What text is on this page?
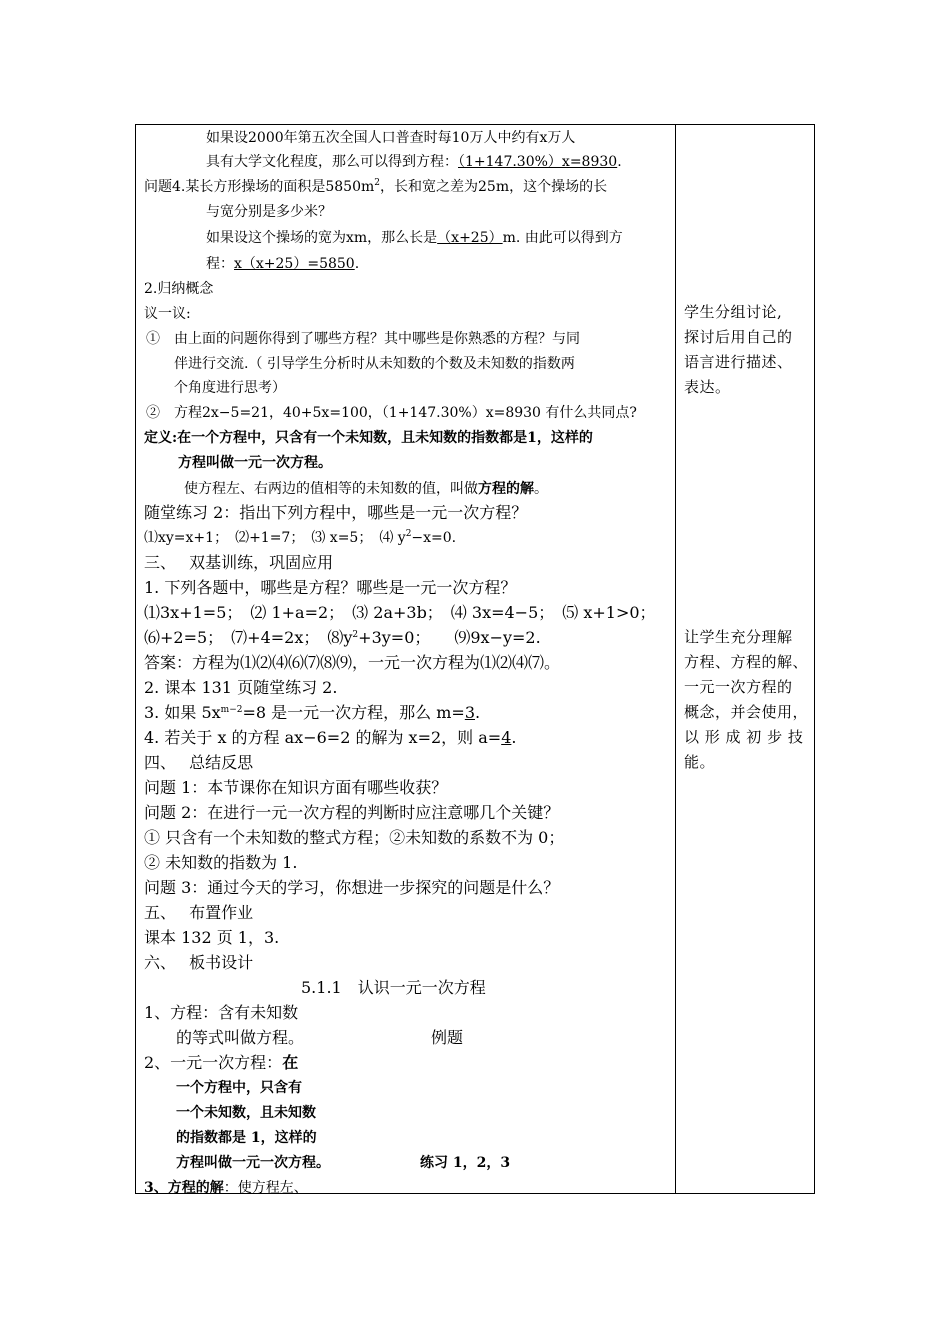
如果设2000年第五次全国人口普查时每10万人中约有x万人
具有大学文化程度，那么可以得到方程：（1+147.30%）x=8930.
问题4.某长方形操场的面积是$5850m^2$，长和宽之差为25m，这个操场的长
与宽分别是多少米？
如果设这个操场的宽为xm，那么长是（x+25）m. 由此可以得到方
程：x（x+25）=5850.
2.归纳概念
议一议:
①　由上面的问题你得到了哪些方程？其中哪些是你熟悉的方程？与同
伴进行交流.（ 引导学生分析时从未知数的个数及未知数的指数两
个角度进行思考）
②　方程2x−5=21，40+5x=100，（1+147.30%）x=8930 有什么共同点?
定义:在一个方程中，只含有一个未知数，且未知数的指数都是1，这样的
方程叫做一元一次方程。
使方程左、右两边的值相等的未知数的值，叫做方程的解。
随堂练习 2：指出下列方程中，哪些是一元一次方程？
⑴xy=x+1；　⑵+1=7；　⑶ x=5；　⑷ $y^2-x=0$.
三、　 双基训练，巩固应用
1. 下列各题中，哪些是方程？哪些是一元一次方程？
⑴3x+1=5；　⑵ 1+a=2；　⑶ 2a+3b；　⑷ 3x=4−5；　⑸ x+1>0；
⑹+2=5；　⑺+4=2x；　$⑻y^2+3y=0$；　　⑼9x−y=2.
答案：方程为⑴⑵⑷⑹⑺⑻⑼，一元一次方程为⑴⑵⑷⑺。
2. 课本 131 页随堂练习 2.
3. 如果 $5x^{m-2}=8$ 是一元一次方程，那么 m=3.
4. 若关于 x 的方程 ax−6=2 的解为 x=2，则 a=4.
四、　 总结反思
问题 1：本节课你在知识方面有哪些收获？
问题 2：在进行一元一次方程的判断时应注意哪几个关键？
① 只含有一个未知数的整式方程；②未知数的系数不为 0；
② 未知数的指数为 1.
问题 3：通过今天的学习，你想进一步探究的问题是什么？
五、　 布置作业
课本 132 页 1，3.
六、　 板书设计
5.1.1　认识一元一次方程
1、方程：含有未知数
的等式叫做方程。	例题
2、一元一次方程：在
一个方程中，只含有
一个未知数，且未知数
的指数都是 1，这样的
方程叫做一元一次方程。	练习 1，2，3
3、方程的解：使方程左、
学生分组讨论,
探讨后用自己的
语言进行描述、
表达。
让学生充分理解
方程、方程的解、
一元一次方程的
概念，并会使用，
以 形 成 初 步 技
能。
